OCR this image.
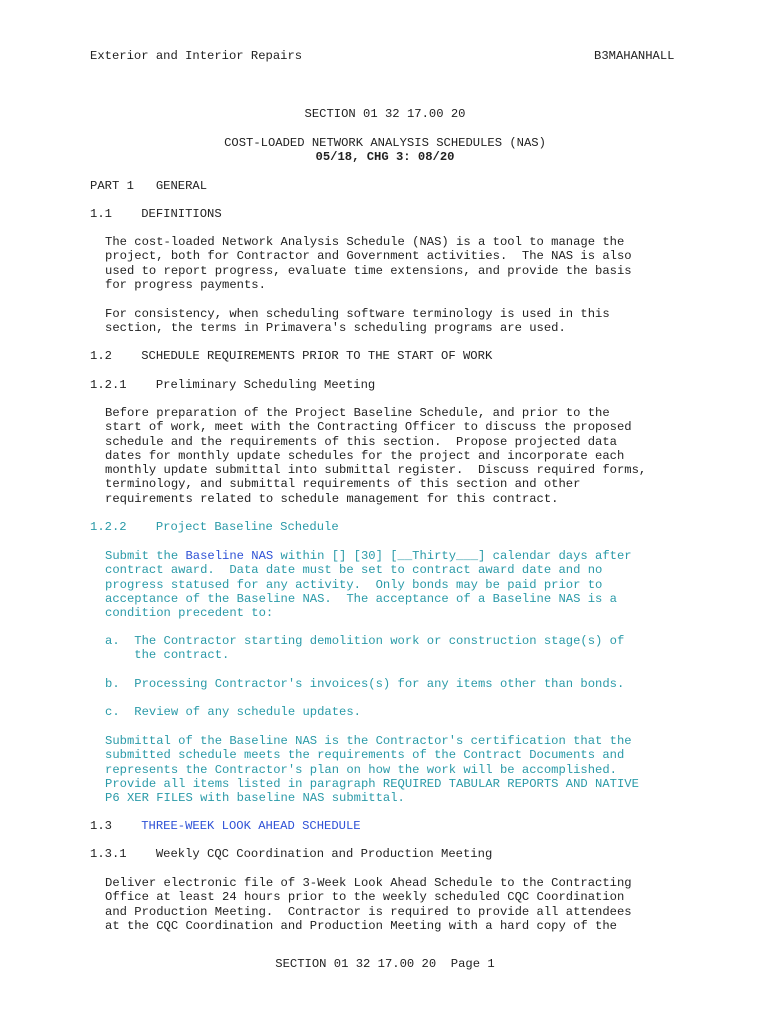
Exterior and Interior Repairs	B3MAHANHALL
SECTION 01 32 17.00 20
COST-LOADED NETWORK ANALYSIS SCHEDULES (NAS)
05/18, CHG 3: 08/20
PART 1   GENERAL
1.1    DEFINITIONS
The cost-loaded Network Analysis Schedule (NAS) is a tool to manage the
project, both for Contractor and Government activities.  The NAS is also
used to report progress, evaluate time extensions, and provide the basis
for progress payments.
For consistency, when scheduling software terminology is used in this
section, the terms in Primavera's scheduling programs are used.
1.2    SCHEDULE REQUIREMENTS PRIOR TO THE START OF WORK
1.2.1    Preliminary Scheduling Meeting
Before preparation of the Project Baseline Schedule, and prior to the
start of work, meet with the Contracting Officer to discuss the proposed
schedule and the requirements of this section.  Propose projected data
dates for monthly update schedules for the project and incorporate each
monthly update submittal into submittal register.  Discuss required forms,
terminology, and submittal requirements of this section and other
requirements related to schedule management for this contract.
1.2.2    Project Baseline Schedule
Submit the Baseline NAS within [] [30] [__Thirty___] calendar days after
contract award.  Data date must be set to contract award date and no
progress statused for any activity.  Only bonds may be paid prior to
acceptance of the Baseline NAS.  The acceptance of a Baseline NAS is a
condition precedent to:
a.  The Contractor starting demolition work or construction stage(s) of
the contract.
b.  Processing Contractor's invoices(s) for any items other than bonds.
c.  Review of any schedule updates.
Submittal of the Baseline NAS is the Contractor's certification that the
submitted schedule meets the requirements of the Contract Documents and
represents the Contractor's plan on how the work will be accomplished.
Provide all items listed in paragraph REQUIRED TABULAR REPORTS AND NATIVE
P6 XER FILES with baseline NAS submittal.
1.3    THREE-WEEK LOOK AHEAD SCHEDULE
1.3.1    Weekly CQC Coordination and Production Meeting
Deliver electronic file of 3-Week Look Ahead Schedule to the Contracting
Office at least 24 hours prior to the weekly scheduled CQC Coordination
and Production Meeting.  Contractor is required to provide all attendees
at the CQC Coordination and Production Meeting with a hard copy of the
SECTION 01 32 17.00 20  Page 1
